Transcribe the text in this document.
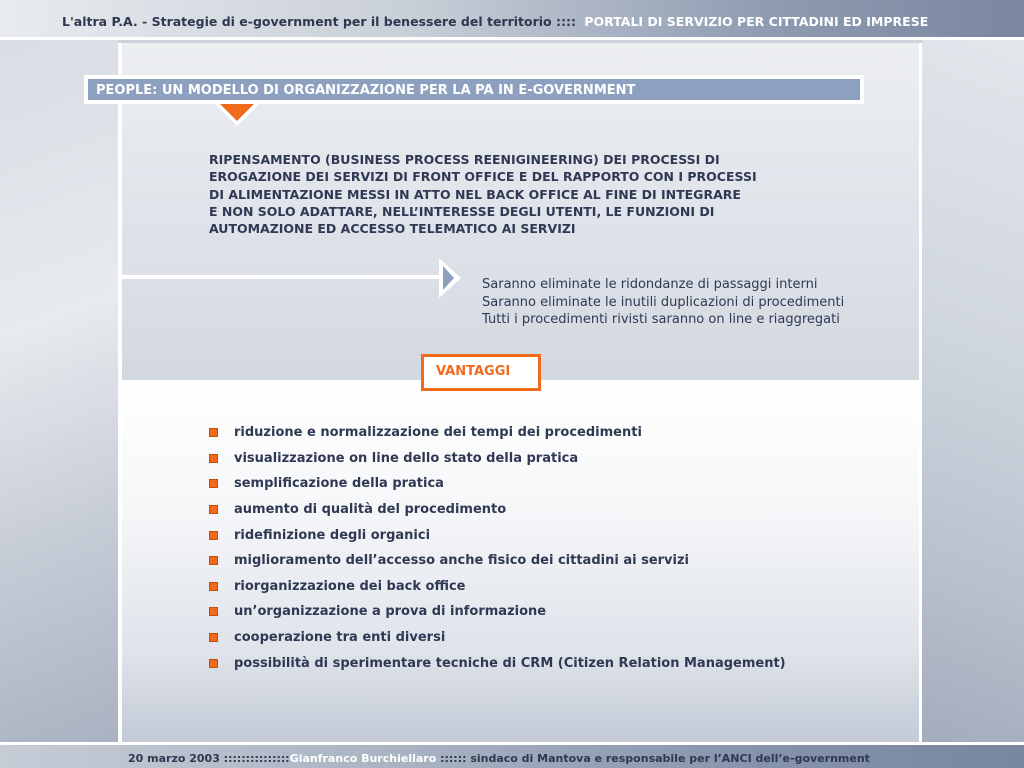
L'altra P.A. - Strategie di e-government per il benessere del territorio :::: PORTALI DI SERVIZIO PER CITTADINI ED IMPRESE
PEOPLE: UN MODELLO DI ORGANIZZAZIONE PER LA PA IN E-GOVERNMENT
RIPENSAMENTO (BUSINESS PROCESS REENIGINEERING) DEI PROCESSI DI
EROGAZIONE DEI SERVIZI DI FRONT OFFICE E DEL RAPPORTO CON I PROCESSI
DI ALIMENTAZIONE MESSI IN ATTO NEL BACK OFFICE AL FINE DI INTEGRARE
E NON SOLO ADATTARE, NELL’INTERESSE DEGLI UTENTI, LE FUNZIONI DI
AUTOMAZIONE ED ACCESSO TELEMATICO AI SERVIZI
Saranno eliminate le ridondanze di passaggi interni
Saranno eliminate le inutili duplicazioni di procedimenti
Tutti i procedimenti rivisti saranno on line e riaggregati
VANTAGGI
riduzione e normalizzazione dei tempi dei procedimenti
visualizzazione on line dello stato della pratica
semplificazione della pratica
aumento di qualità del procedimento
ridefinizione degli organici
miglioramento dell’accesso anche fisico dei cittadini ai servizi
riorganizzazione dei back office
un’organizzazione a prova di informazione
cooperazione tra enti diversi
possibilità di sperimentare tecniche di CRM (Citizen Relation Management)
20 marzo 2003 :::::::::::::::Gianfranco Burchiellaro :::::: sindaco di Mantova e responsabile per l’ANCI dell’e-government
